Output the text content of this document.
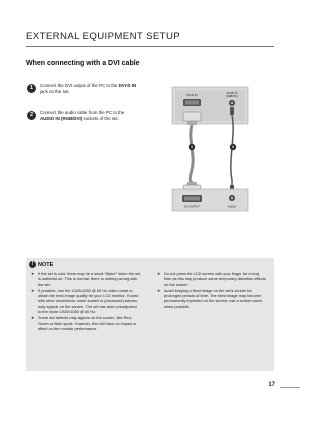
EXTERNAL EQUIPMENT SETUP
When connecting with a DVI cable
1	Connect the DVI output of the PC to the DVI-D IN jack on the set.
2	Connect the audio cable from the PC to the AUDIO IN (RGB/DVI) sockets of the set.
DVI-D IN	AUDIO IN
(RGB/DVI)
1	2
DVI OUTPUT	AUDIO
! NOTE
➤ If the set is cold, there may be a small “flicker” when the set is switched on. This is normal, there is nothing wrong with the set.
➤ If possible, use the 1920x1080 @ 60 Hz video mode to obtain the best image quality for your LCD monitor. If used with other resolutions, some scaled or processed pictures may appear on the screen. The set has been preadjusted to the mode 1920x1080 @ 60 Hz.
➤ Some dot defects may appear on the screen, like Red, Green or Blue spots. However, this will have no impact or effect on the monitor performance.
➤ Do not press the LCD screen with your finger for a long time as this may produce some temporary distortion effects on the screen.
➤ Avoid keeping a fixed image on the set's screen for prolonged periods of time. The fixed image may become permanently imprinted on the screen; use a screen saver when possible.
17
